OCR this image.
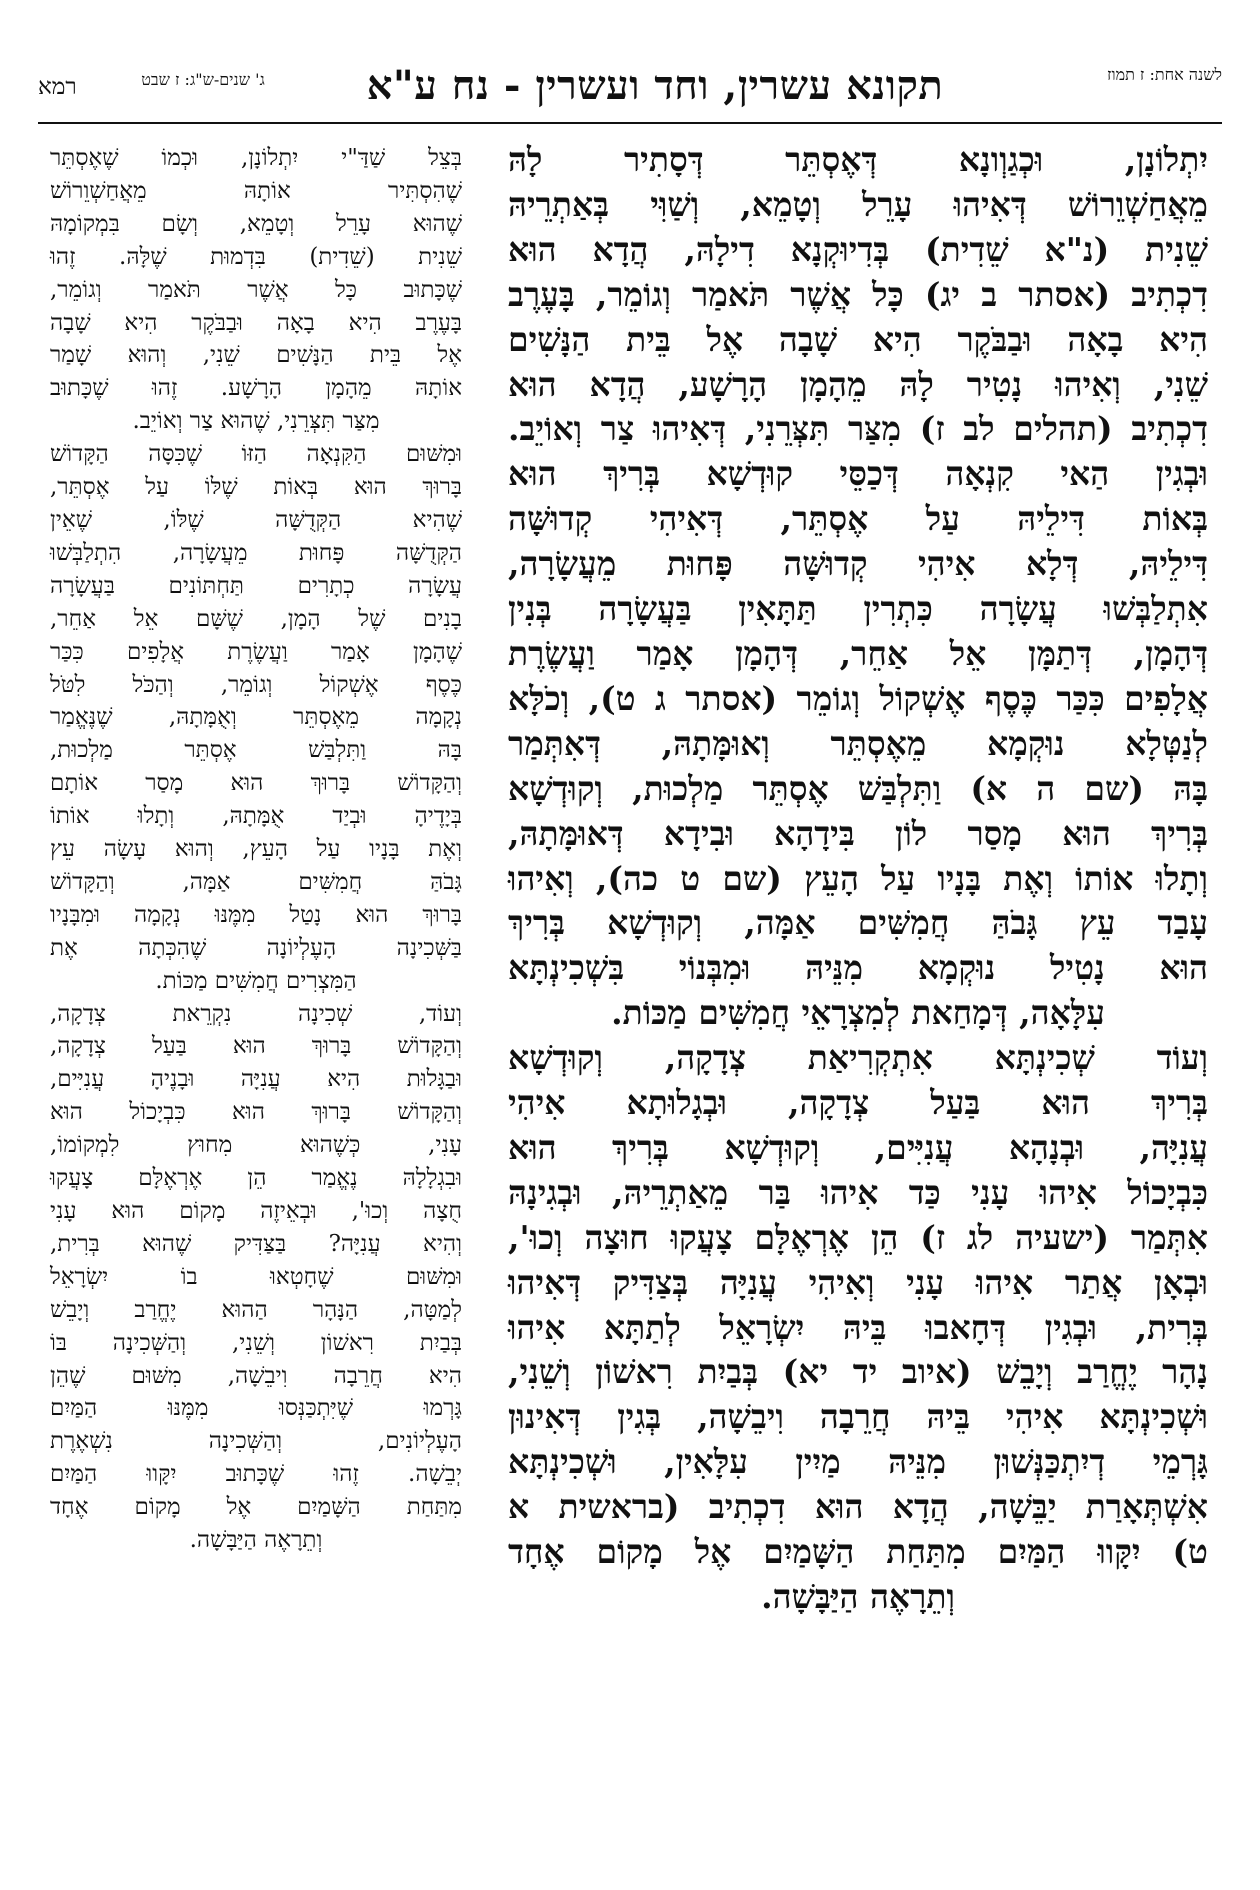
רמא	ג' שנים-ש"ג: ז שבט	תקונא עשרין, וחד ועשרין - נח ע"א	לשנה אחת: ז תמוז

יִתְלוֹנָן, וּכְגַוְונָא דְּאֶסְתֵּר דְּסָתִיר לָהּ

מֵאֲחַשְׁוֵרוֹשׁ דְּאִיהוּ עָרֵל וְטָמֵא, וְשַׁוִּי בְּאַתְרֵיהּ

שֵׁנִית (נ"א שֵׁדִית) בְּדִיוּקְנָא דִילָהּ, הֲדָא הוּא

דִכְתִיב (אסתר ב יג) כָּל אֲשֶׁר תֹּאמַר וְגוֹמֵר, בָּעֶרֶב

הִיא בָאָה וּבַבֹּקֶר הִיא שָׁבָה אֶל בֵּית הַנָּשִׁים

שֵׁנִי, וְאִיהוּ נָטִיר לָהּ מֵהָמָן הָרָשָׁע, הֲדָא הוּא

דִכְתִיב (תהלים לב ז) מִצַּר תִּצְּרֵנִי, דְּאִיהוּ צַר וְאוֹיֵב.

וּבְגִין הַאי קִנְאָה דְּכַסֵּי קוּדְשָׁא בְּרִיךְ הוּא

בְּאוֹת דִּילֵיהּ עַל אֶסְתֵּר, דְּאִיהִי קְדוּשָּׁה

דִּילֵיהּ, דְּלָא אִיהִי קְדוּשָּׁה פָּחוּת מֵעֲשָׂרָה,

אִתְלַבְּשׁוּ עֲשָׂרָה כִּתְרִין תַּתָּאִין בַּעֲשָׂרָה בְּנִין

דְּהָמָן, דְּתַמָּן אֵל אַחֵר, דְּהָמָן אָמַר וַעֲשֶׂרֶת

אֲלָפִים כִּכַּר כֶּסֶף אֶשְׁקוֹל וְגוֹמֵר (אסתר ג ט), וְכֹלָּא

לְנַטְּלָא נוּקְמָא מֵאֶסְתֵּר וְאוּמָּתָהּ, דְּאִתְּמַר

בָּהּ (שם ה א) וַתִּלְבַּשׁ אֶסְתֵּר מַלְכוּת, וְקוּדְשָׁא

בְּרִיךְ הוּא מָסַר לוֹן בִּידָהָא וּבִידָא דְּאוּמָּתָהּ,

וְתָלוּ אוֹתוֹ וְאֶת בָּנָיו עַל הָעֵץ (שם ט כה), וְאִיהוּ

עָבַד עֵץ גָּבֹהַּ חֲמִשִּׁים אַמָּה, וְקוּדְשָׁא בְּרִיךְ

הוּא נָטִיל נוּקְמָא מִנֵּיהּ וּמִבְּנוֹי בִּשְׁכִינְתָּא

עִלָּאָה, דְּמָחַאת לְמִצְרָאֵי חֲמִשִּׁים מַכּוֹת.

וְעוֹד שְׁכִינְתָּא אִתְקְרִיאַת צְדָקָה, וְקוּדְשָׁא

בְּרִיךְ הוּא בַּעַל צְדָקָה, וּבְגָלוּתָא אִיהִי

עֲנִיָּה, וּבְנָהָא עֲנִיִּים, וְקוּדְשָׁא בְּרִיךְ הוּא

כִּבְיָכוֹל אִיהוּ עָנִי כַּד אִיהוּ בַּר מֵאַתְרֵיהּ, וּבְגִינָהּ

אִתְּמַר (ישעיה לג ז) הֵן אֶרְאֶלָּם צָעֲקוּ חוּצָה וְכוּ',

וּבְאָן אֲתַר אִיהוּ עָנִי וְאִיהִי עֲנִיָּה בְּצַדִּיק דְּאִיהוּ

בְּרִית, וּבְגִין דְּחָאבוּ בֵּיהּ יִשְׂרָאֵל לְתַתָּא אִיהוּ

נָהָר יֶחֱרַב וְיָבֵשׁ (איוב יד יא) בְּבַיִת רִאשׁוֹן וְשֵׁנִי,

וּשְׁכִינְתָּא אִיהִי בֵּיהּ חֲרֵבָה וִיבֵשָׁה, בְּגִין דְּאִינוּן

גָּרְמֵי דְיִתְכַּנְּשׁוּן מִנֵּיהּ מַיִין עִלָּאִין, וּשְׁכִינְתָּא

אִשְׁתְּאָרַת יַבֵּשָׁה, הֲדָא הוּא דִכְתִיב (בראשית א

ט) יִקָּווּ הַמַּיִם מִתַּחַת הַשָּׁמַיִם אֶל מָקוֹם אֶחָד

וְתֵרָאֶה הַיַּבָּשָׁה.

בְּצֵל שַׁדַּ"י יִתְלוֹנָן, וּכְמוֹ שֶׁאֶסְתֵּר

שֶׁהִסְתִּיר אוֹתָהּ מֵאֲחַשְׁוֵרוֹשׁ

שֶׁהוּא עָרֵל וְטָמֵא, וְשָׂם בִּמְקוֹמָהּ

שֵׁנִית (שֵׁדִית) בִּדְמוּת שֶׁלָּהּ. זֶהוּ

שֶׁכָּתוּב כָּל אֲשֶׁר תֹּאמַר וְגוֹמֵר,

בָּעֶרֶב הִיא בָאָה וּבַבֹּקֶר הִיא שָׁבָה

אֶל בֵּית הַנָּשִׁים שֵׁנִי, וְהוּא שָׁמַר

אוֹתָהּ מֵהָמָן הָרָשָׁע. זֶהוּ שֶׁכָּתוּב

מִצַּר תִּצְּרֵנִי, שֶׁהוּא צַר וְאוֹיֵב.

וּמִשּׁוּם הַקִּנְאָה הַזּוֹ שֶׁכִּסָּה הַקָּדוֹשׁ

בָּרוּךְ הוּא בְּאוֹת שֶׁלּוֹ עַל אֶסְתֵּר,

שֶׁהִיא הַקְּדֻשָּׁה שֶׁלּוֹ, שֶׁאֵין

הַקְּדֻשָּׁה פָּחוּת מֵעֲשָׂרָה, הִתְלַבְּשׁוּ

עֲשָׂרָה כְתָרִים תַּחְתּוֹנִים בַּעֲשָׂרָה

בָנִים שֶׁל הָמָן, שֶׁשָּׁם אֵל אַחֵר,

שֶׁהָמָן אָמַר וַעֲשֶׂרֶת אֲלָפִים כִּכַּר

כֶּסֶף אֶשְׁקוֹל וְגוֹמֵר, וְהַכֹּל לִטֹּל

נְקָמָה מֵאֶסְתֵּר וְאֻמָּתָהּ, שֶׁנֶּאֱמַר

בָּהּ וַתִּלְבַּשׁ אֶסְתֵּר מַלְכוּת,

וְהַקָּדוֹשׁ בָּרוּךְ הוּא מָסַר אוֹתָם

בְּיָדֶיהָ וּבְיַד אֻמָּתָהּ, וְתָלוּ אוֹתוֹ

וְאֶת בָּנָיו עַל הָעֵץ, וְהוּא עָשָׂה עֵץ

גָּבֹהַּ חֲמִשִּׁים אַמָּה, וְהַקָּדוֹשׁ

בָּרוּךְ הוּא נָטַל מִמֶּנּוּ נְקָמָה וּמִבָּנָיו

בַּשְּׁכִינָה הָעֶלְיוֹנָה שֶׁהִכְּתָה אֶת

הַמִּצְרִים חֲמִשִּׁים מַכּוֹת.

וְעוֹד, שְׁכִינָה נִקְרֵאת צְדָקָה,

וְהַקָּדוֹשׁ בָּרוּךְ הוּא בַּעַל צְדָקָה,

וּבַגָּלוּת הִיא עֲנִיָּה וּבָנֶיהָ עֲנִיִּים,

וְהַקָּדוֹשׁ בָּרוּךְ הוּא כִּבְיָכוֹל הוּא

עָנִי, כְּשֶׁהוּא מִחוּץ לִמְקוֹמוֹ,

וּבִגְלָלָהּ נֶאֱמַר הֵן אֶרְאֶלָּם צָעֲקוּ

חֻצָה וְכוּ', וּבְאֵיזֶה מָקוֹם הוּא עָנִי

וְהִיא עֲנִיָּה? בַּצַּדִּיק שֶׁהוּא בְּרִית,

וּמִשּׁוּם שֶׁחָטְאוּ בוֹ יִשְׂרָאֵל

לְמַטָּה, הַנָּהָר הַהוּא יֶחֱרַב וְיָבֵשׁ

בְּבַיִת רִאשׁוֹן וְשֵׁנִי, וְהַשְּׁכִינָה בּוֹ

הִיא חֲרֵבָה וִיבֵשָׁה, מִשּׁוּם שֶׁהֵן

גָּרְמוּ שֶׁיִּתְכַּנְּסוּ מִמֶּנּוּ הַמַּיִם

הָעֶלְיוֹנִים, וְהַשְּׁכִינָה נִשְׁאֶרֶת

יְבֵשָׁה. זֶהוּ שֶׁכָּתוּב יִקָּווּ הַמַּיִם

מִתַּחַת הַשָּׁמַיִם אֶל מָקוֹם אֶחָד

וְתֵרָאֶה הַיַּבָּשָׁה.
